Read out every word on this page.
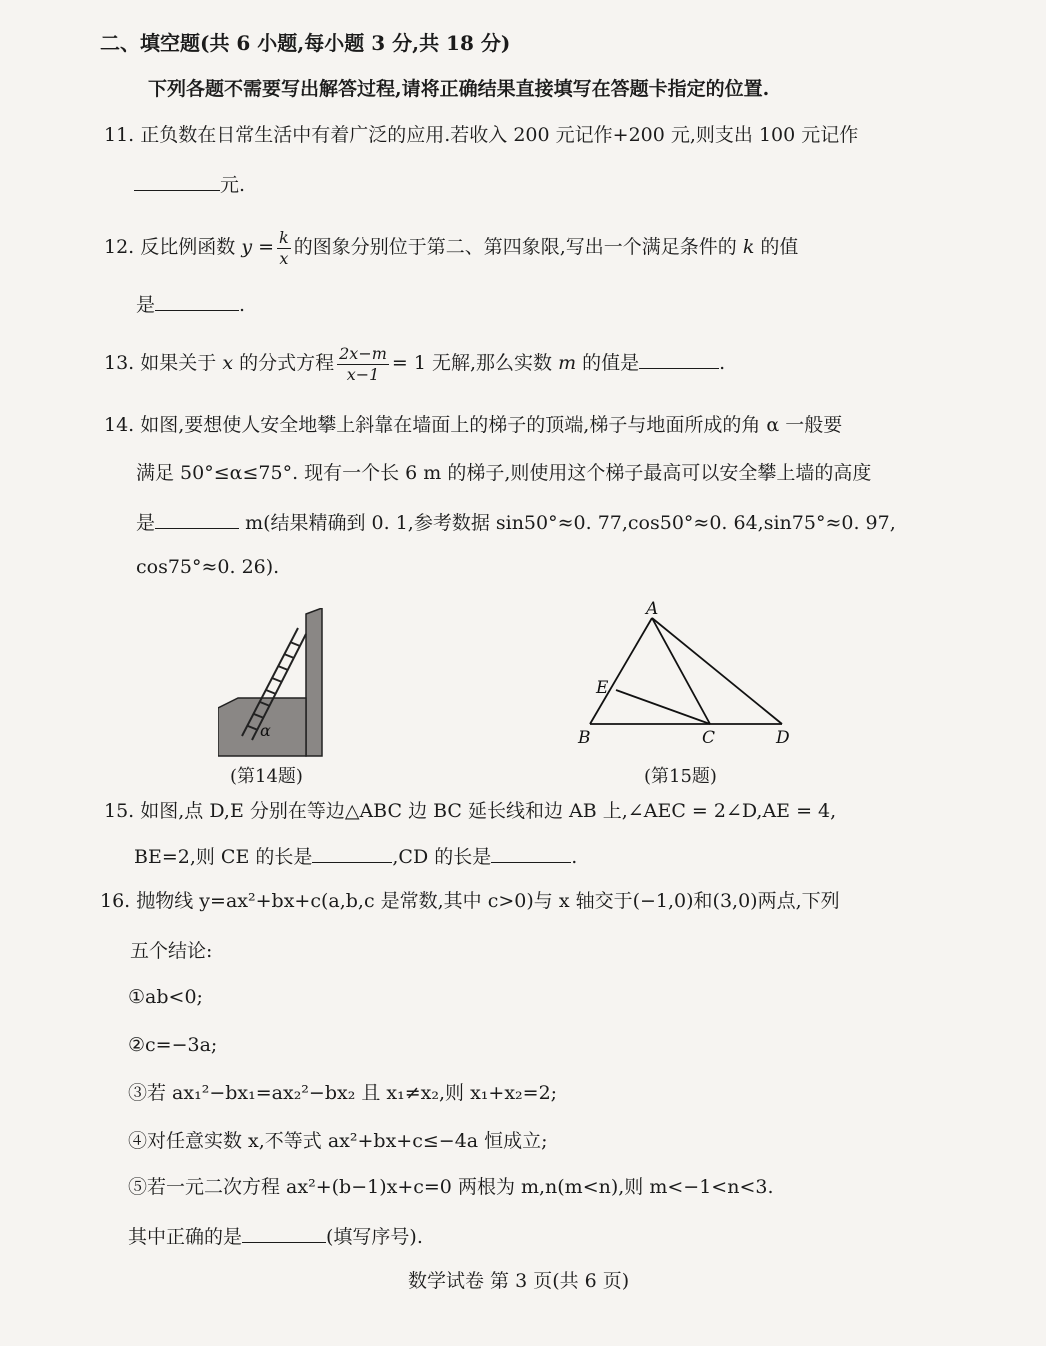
二、填空题(共 6 小题,每小题 3 分,共 18 分)
下列各题不需要写出解答过程,请将正确结果直接填写在答题卡指定的位置.
11. 正负数在日常生活中有着广泛的应用.若收入 200 元记作+200 元,则支出 100 元记作
元.
12. 反比例函数 $y = \frac{k}{x}$ 的图象分别位于第二、第四象限,写出一个满足条件的 k 的值
是	.
13. 如果关于 x 的分式方程 $\frac{2x-m}{x-1} = 1$ 无解,那么实数 m 的值是	.
14. 如图,要想使人安全地攀上斜靠在墙面上的梯子的顶端,梯子与地面所成的角 α 一般要
满足 50°≤α≤75°. 现有一个长 6 m 的梯子,则使用这个梯子最高可以安全攀上墙的高度
是	m(结果精确到 0. 1,参考数据 sin50°≈0. 77,cos50°≈0. 64,sin75°≈0. 97,
cos75°≈0. 26).
α
(第14题)
A
B	C	D
E
(第15题)
15. 如图,点 D,E 分别在等边△ABC 边 BC 延长线和边 AB 上,∠AEC = 2∠D,AE = 4,
BE=2,则 CE 的长是	,CD 的长是	.
16. 抛物线 y=ax²+bx+c(a,b,c 是常数,其中 c>0)与 x 轴交于(−1,0)和(3,0)两点,下列
五个结论:
①ab<0;
②c=−3a;
③若 ax₁²−bx₁=ax₂²−bx₂ 且 x₁≠x₂,则 x₁+x₂=2;
④对任意实数 x,不等式 ax²+bx+c≤−4a 恒成立;
⑤若一元二次方程 ax²+(b−1)x+c=0 两根为 m,n(m<n),则 m<−1<n<3.
其中正确的是	(填写序号).
数学试卷 第 3 页(共 6 页)
